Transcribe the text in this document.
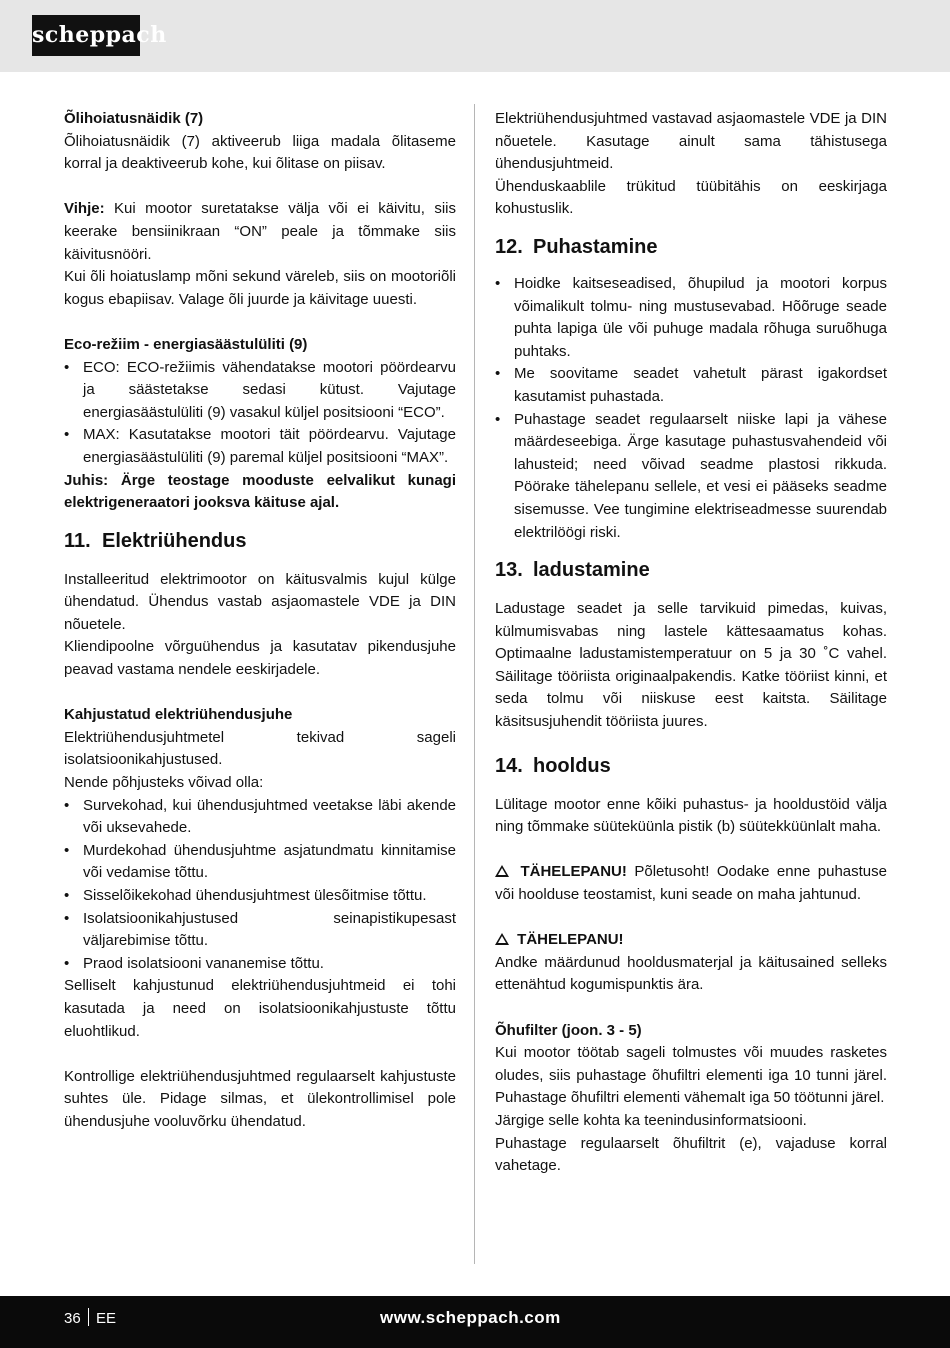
scheppach

Õlihoiatusnäidik (7)

Õlihoiatusnäidik (7) aktiveerub liiga madala õlitaseme korral ja deaktiveerub kohe, kui õlitase on piisav.

Vihje: Kui mootor suretatakse välja või ei käivitu, siis keerake bensiinikraan “ON” peale ja tõmmake siis käivitusnööri.

Kui õli hoiatuslamp mõni sekund väreleb, siis on mootoriõli kogus ebapiisav. Valage õli juurde ja käivitage uuesti.

Eco-režiim - energiasäästulüliti (9)

• ECO: ECO-režiimis vähendatakse mootori pöördearvu ja säästetakse sedasi kütust. Vajutage energiasäästulüliti (9) vasakul küljel positsiooni “ECO”.
• MAX: Kasutatakse mootori täit pöördearvu. Vajutage energiasäästulüliti (9) paremal küljel positsiooni “MAX”.

Juhis: Ärge teostage mooduste eelvalikut kunagi elektrigeneraatori jooksva käituse ajal.

11. Elektriühendus

Installeeritud elektrimootor on käitusvalmis kujul külge ühendatud. Ühendus vastab asjaomastele VDE ja DIN nõuetele.

Kliendipoolne võrguühendus ja kasutatav pikendusjuhe peavad vastama nendele eeskirjadele.

Kahjustatud elektriühendusjuhe

Elektriühendusjuhtmetel tekivad sageli isolatsioonikahjustused.

Nende põhjusteks võivad olla:

• Survekohad, kui ühendusjuhtmed veetakse läbi akende või uksevahede.
• Murdekohad ühendusjuhtme asjatundmatu kinnitamise või vedamise tõttu.
• Sisselõikekohad ühendusjuhtmest ülesõitmise tõttu.
• Isolatsioonikahjustused seinapistikupesast väljarebimise tõttu.
• Praod isolatsiooni vananemise tõttu.

Selliselt kahjustunud elektriühendusjuhtmeid ei tohi kasutada ja need on isolatsioonikahjustuste tõttu eluohtlikud.

Kontrollige elektriühendusjuhtmed regulaarselt kahjustuste suhtes üle. Pidage silmas, et ülekontrollimisel pole ühendusjuhe vooluvõrku ühendatud.

Elektriühendusjuhtmed vastavad asjaomastele VDE ja DIN nõuetele. Kasutage ainult sama tähistusega ühendusjuhtmeid.

Ühenduskaablile trükitud tüübitähis on eeskirjaga kohustuslik.

12. Puhastamine
• Hoidke kaitseseadised, õhupilud ja mootori korpus võimalikult tolmu- ning mustusevabad. Hõõruge seade puhta lapiga üle või puhuge madala rõhuga suruõhuga puhtaks.
• Me soovitame seadet vahetult pärast igakordset kasutamist puhastada.
• Puhastage seadet regulaarselt niiske lapi ja vähese määrdeseebiga. Ärge kasutage puhastusvahendeid või lahusteid; need võivad seadme plastosi rikkuda. Pöörake tähelepanu sellele, et vesi ei pääseks seadme sisemusse. Vee tungimine elektriseadmesse suurendab elektrilöögi riski.
13. ladustamine

Ladustage seadet ja selle tarvikuid pimedas, kuivas, külmumisvabas ning lastele kättesaamatus kohas. Optimaalne ladustamistemperatuur on 5 ja 30 ˚C vahel. Säilitage tööriista originaalpakendis. Katke tööriist kinni, et seda tolmu või niiskuse eest kaitsta. Säilitage käsitsusjuhendit tööriista juures.

14. hooldus

Lülitage mootor enne kõiki puhastus- ja hooldustöid välja ning tõmmake süüteküünla pistik (b) süütekküünlalt maha.

TÄHELEPANU! Põletusoht! Oodake enne puhastuse või hoolduse teostamist, kuni seade on maha jahtunud.

TÄHELEPANU!

Andke määrdunud hooldusmaterjal ja käitusained selleks ettenähtud kogumispunktis ära.

Õhufilter (joon. 3 - 5)

Kui mootor töötab sageli tolmustes või muudes rasketes oludes, siis puhastage õhufiltri elementi iga 10 tunni järel. Puhastage õhufiltri elementi vähemalt iga 50 töötunni järel.

Järgige selle kohta ka teenindusinformatsiooni.

Puhastage regulaarselt õhufiltrit (e), vajaduse korral vahetage.

36 EE	www.scheppach.com
